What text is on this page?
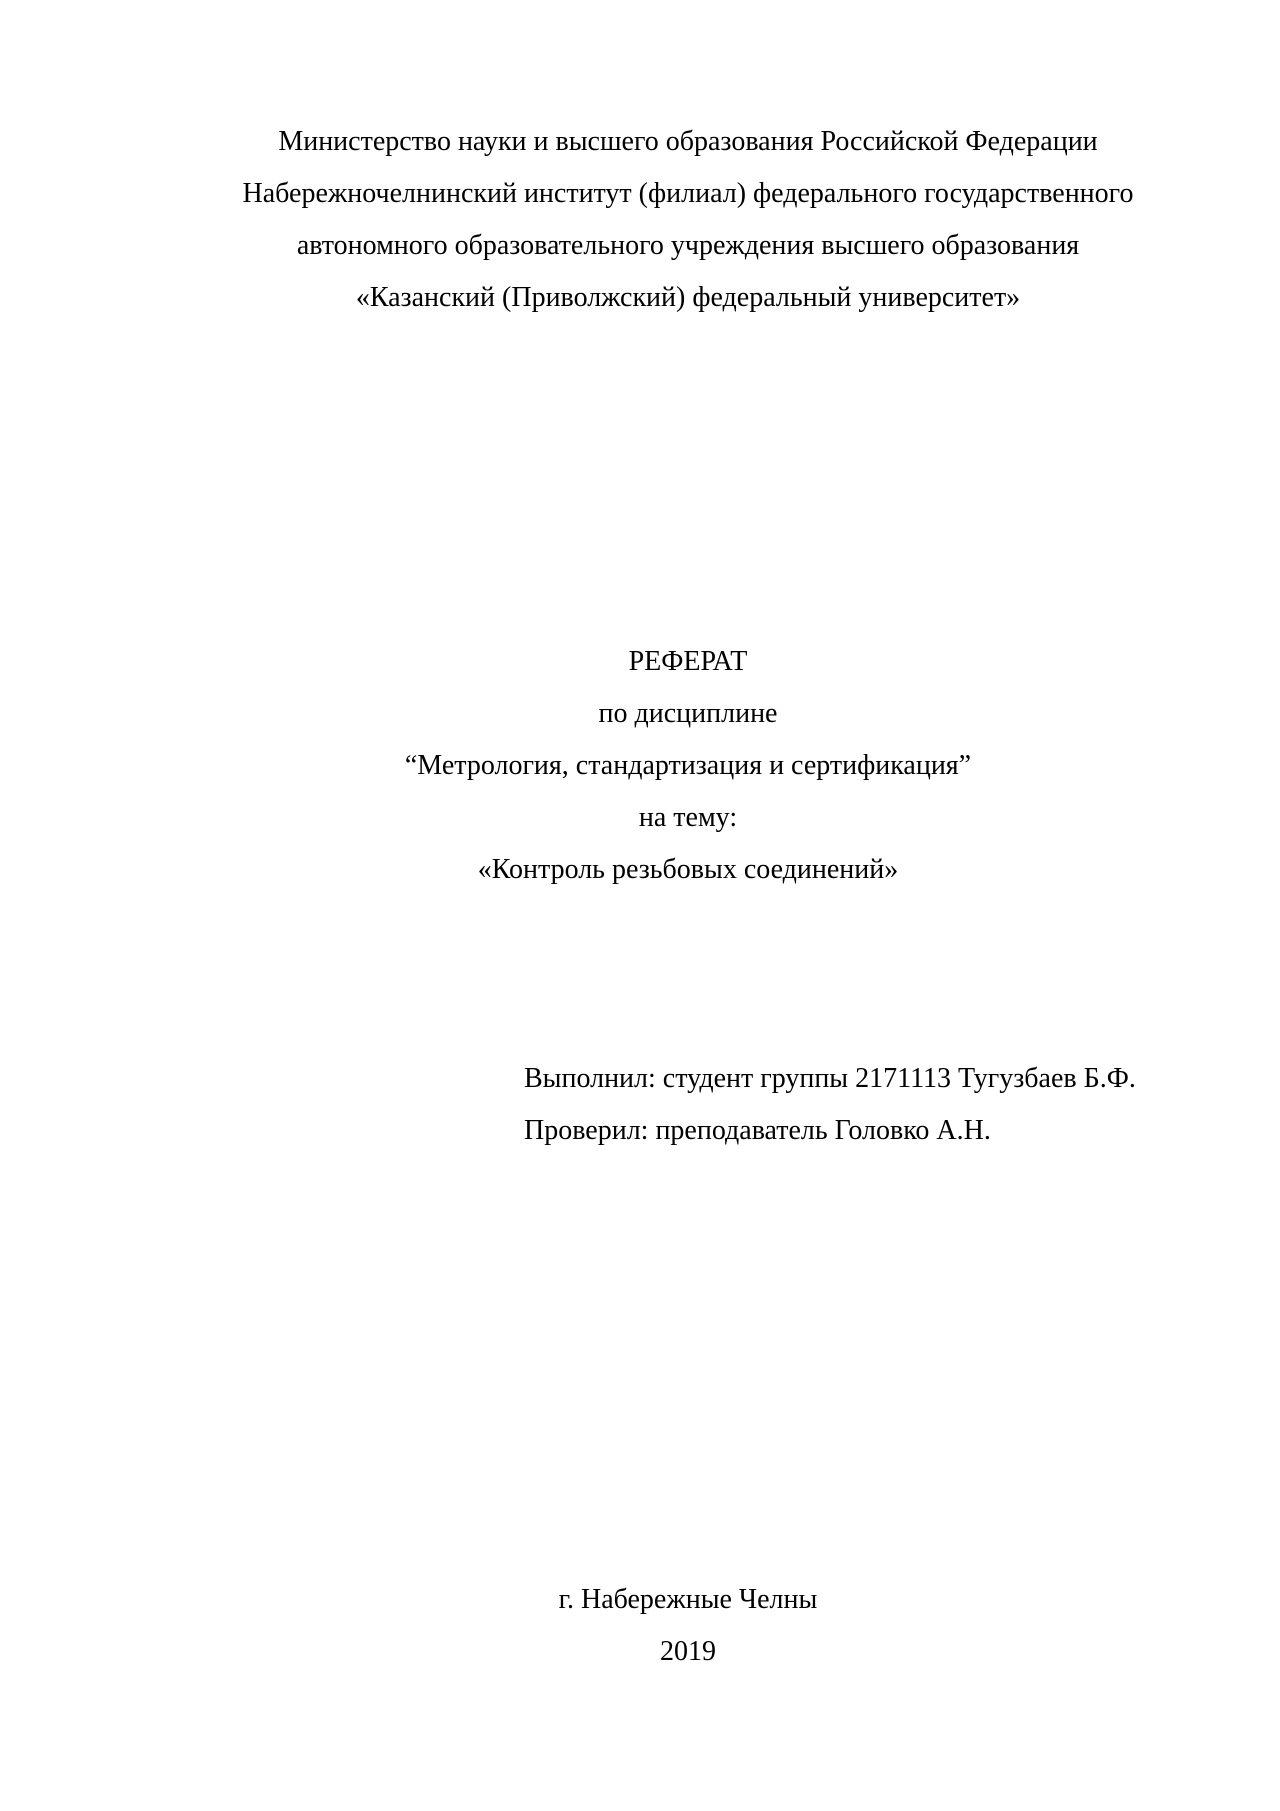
Министерство науки и высшего образования Российской Федерации
Набережночелнинский институт (филиал) федерального государственного
автономного образовательного учреждения высшего образования
«Казанский (Приволжский) федеральный университет»
РЕФЕРАТ
по дисциплине
“Метрология, стандартизация и сертификация”
на тему:
«Контроль резьбовых соединений»
Выполнил: студент группы 2171113 Тугузбаев Б.Ф.
Проверил: преподаватель Головко А.Н.
г. Набережные Челны
2019
